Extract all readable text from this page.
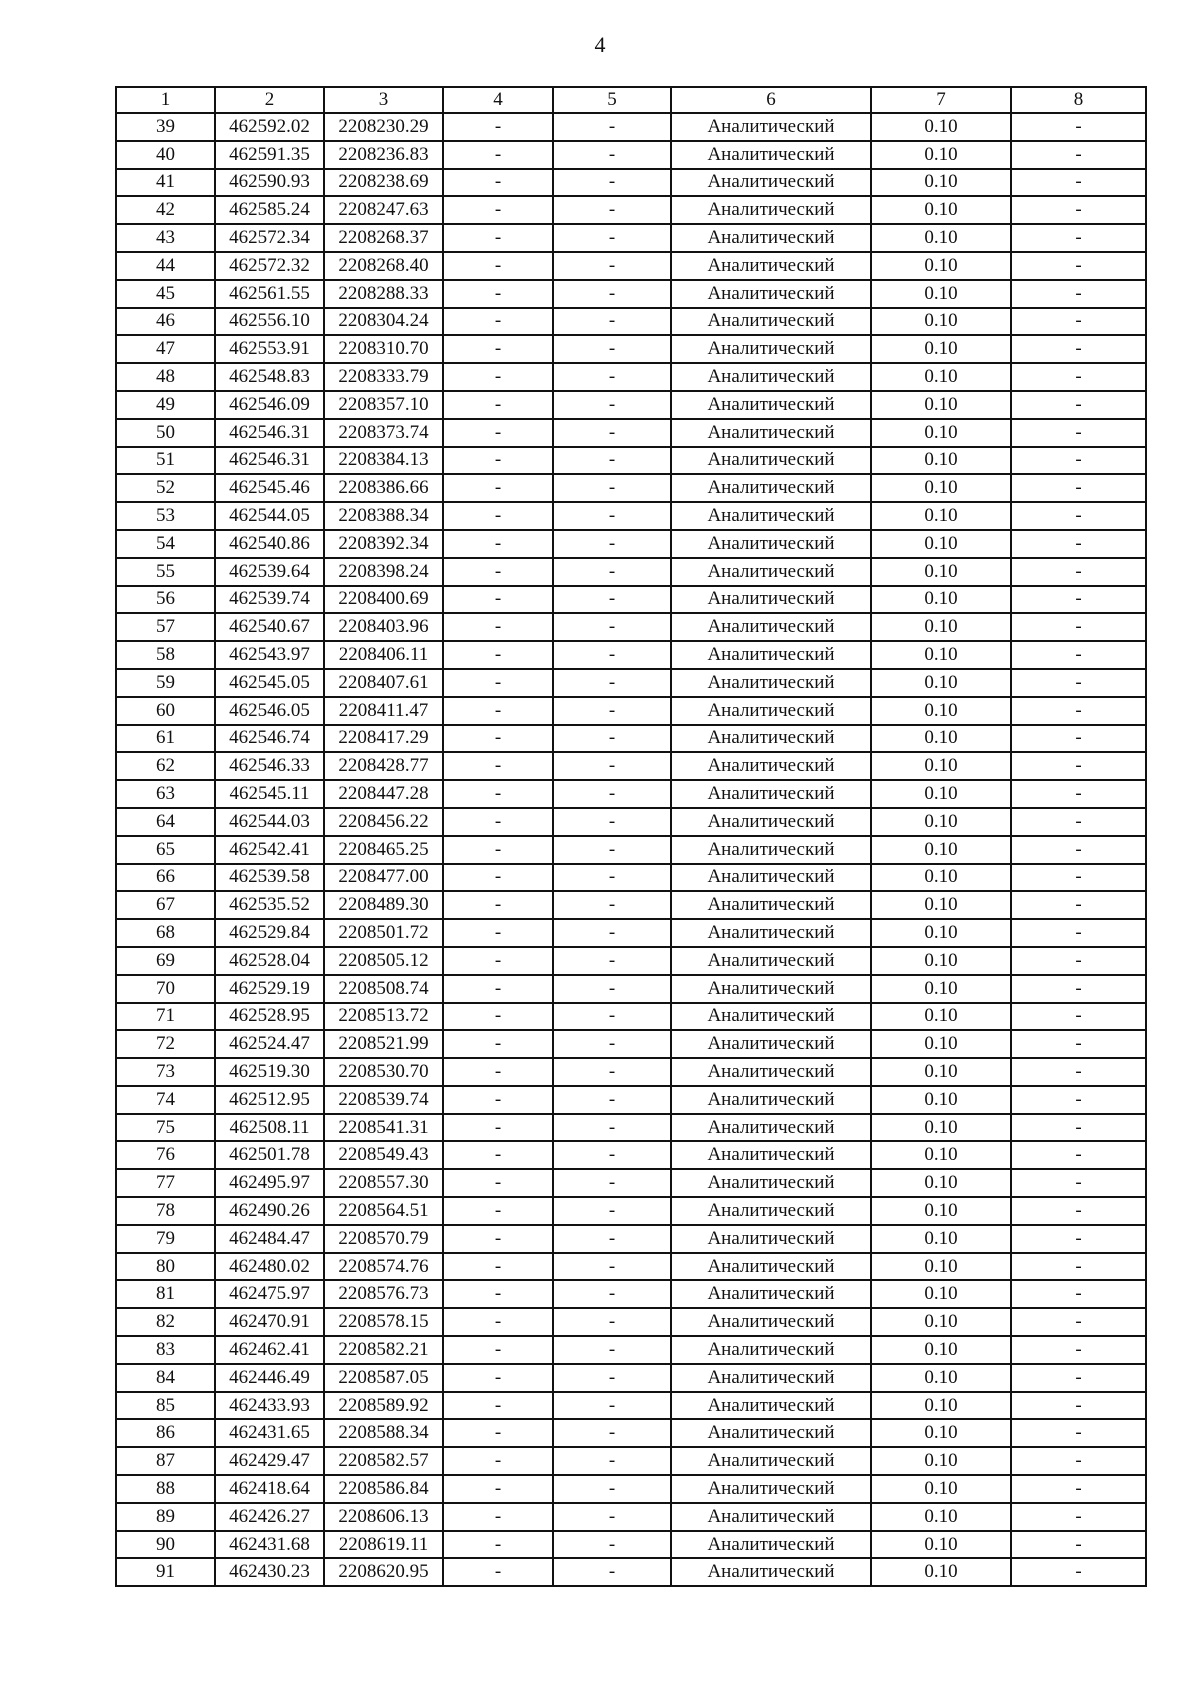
4
1	2	3	4	5	6	7	8
39	462592.02	2208230.29	-	-	Аналитический	0.10	-
40	462591.35	2208236.83	-	-	Аналитический	0.10	-
41	462590.93	2208238.69	-	-	Аналитический	0.10	-
42	462585.24	2208247.63	-	-	Аналитический	0.10	-
43	462572.34	2208268.37	-	-	Аналитический	0.10	-
44	462572.32	2208268.40	-	-	Аналитический	0.10	-
45	462561.55	2208288.33	-	-	Аналитический	0.10	-
46	462556.10	2208304.24	-	-	Аналитический	0.10	-
47	462553.91	2208310.70	-	-	Аналитический	0.10	-
48	462548.83	2208333.79	-	-	Аналитический	0.10	-
49	462546.09	2208357.10	-	-	Аналитический	0.10	-
50	462546.31	2208373.74	-	-	Аналитический	0.10	-
51	462546.31	2208384.13	-	-	Аналитический	0.10	-
52	462545.46	2208386.66	-	-	Аналитический	0.10	-
53	462544.05	2208388.34	-	-	Аналитический	0.10	-
54	462540.86	2208392.34	-	-	Аналитический	0.10	-
55	462539.64	2208398.24	-	-	Аналитический	0.10	-
56	462539.74	2208400.69	-	-	Аналитический	0.10	-
57	462540.67	2208403.96	-	-	Аналитический	0.10	-
58	462543.97	2208406.11	-	-	Аналитический	0.10	-
59	462545.05	2208407.61	-	-	Аналитический	0.10	-
60	462546.05	2208411.47	-	-	Аналитический	0.10	-
61	462546.74	2208417.29	-	-	Аналитический	0.10	-
62	462546.33	2208428.77	-	-	Аналитический	0.10	-
63	462545.11	2208447.28	-	-	Аналитический	0.10	-
64	462544.03	2208456.22	-	-	Аналитический	0.10	-
65	462542.41	2208465.25	-	-	Аналитический	0.10	-
66	462539.58	2208477.00	-	-	Аналитический	0.10	-
67	462535.52	2208489.30	-	-	Аналитический	0.10	-
68	462529.84	2208501.72	-	-	Аналитический	0.10	-
69	462528.04	2208505.12	-	-	Аналитический	0.10	-
70	462529.19	2208508.74	-	-	Аналитический	0.10	-
71	462528.95	2208513.72	-	-	Аналитический	0.10	-
72	462524.47	2208521.99	-	-	Аналитический	0.10	-
73	462519.30	2208530.70	-	-	Аналитический	0.10	-
74	462512.95	2208539.74	-	-	Аналитический	0.10	-
75	462508.11	2208541.31	-	-	Аналитический	0.10	-
76	462501.78	2208549.43	-	-	Аналитический	0.10	-
77	462495.97	2208557.30	-	-	Аналитический	0.10	-
78	462490.26	2208564.51	-	-	Аналитический	0.10	-
79	462484.47	2208570.79	-	-	Аналитический	0.10	-
80	462480.02	2208574.76	-	-	Аналитический	0.10	-
81	462475.97	2208576.73	-	-	Аналитический	0.10	-
82	462470.91	2208578.15	-	-	Аналитический	0.10	-
83	462462.41	2208582.21	-	-	Аналитический	0.10	-
84	462446.49	2208587.05	-	-	Аналитический	0.10	-
85	462433.93	2208589.92	-	-	Аналитический	0.10	-
86	462431.65	2208588.34	-	-	Аналитический	0.10	-
87	462429.47	2208582.57	-	-	Аналитический	0.10	-
88	462418.64	2208586.84	-	-	Аналитический	0.10	-
89	462426.27	2208606.13	-	-	Аналитический	0.10	-
90	462431.68	2208619.11	-	-	Аналитический	0.10	-
91	462430.23	2208620.95	-	-	Аналитический	0.10	-
